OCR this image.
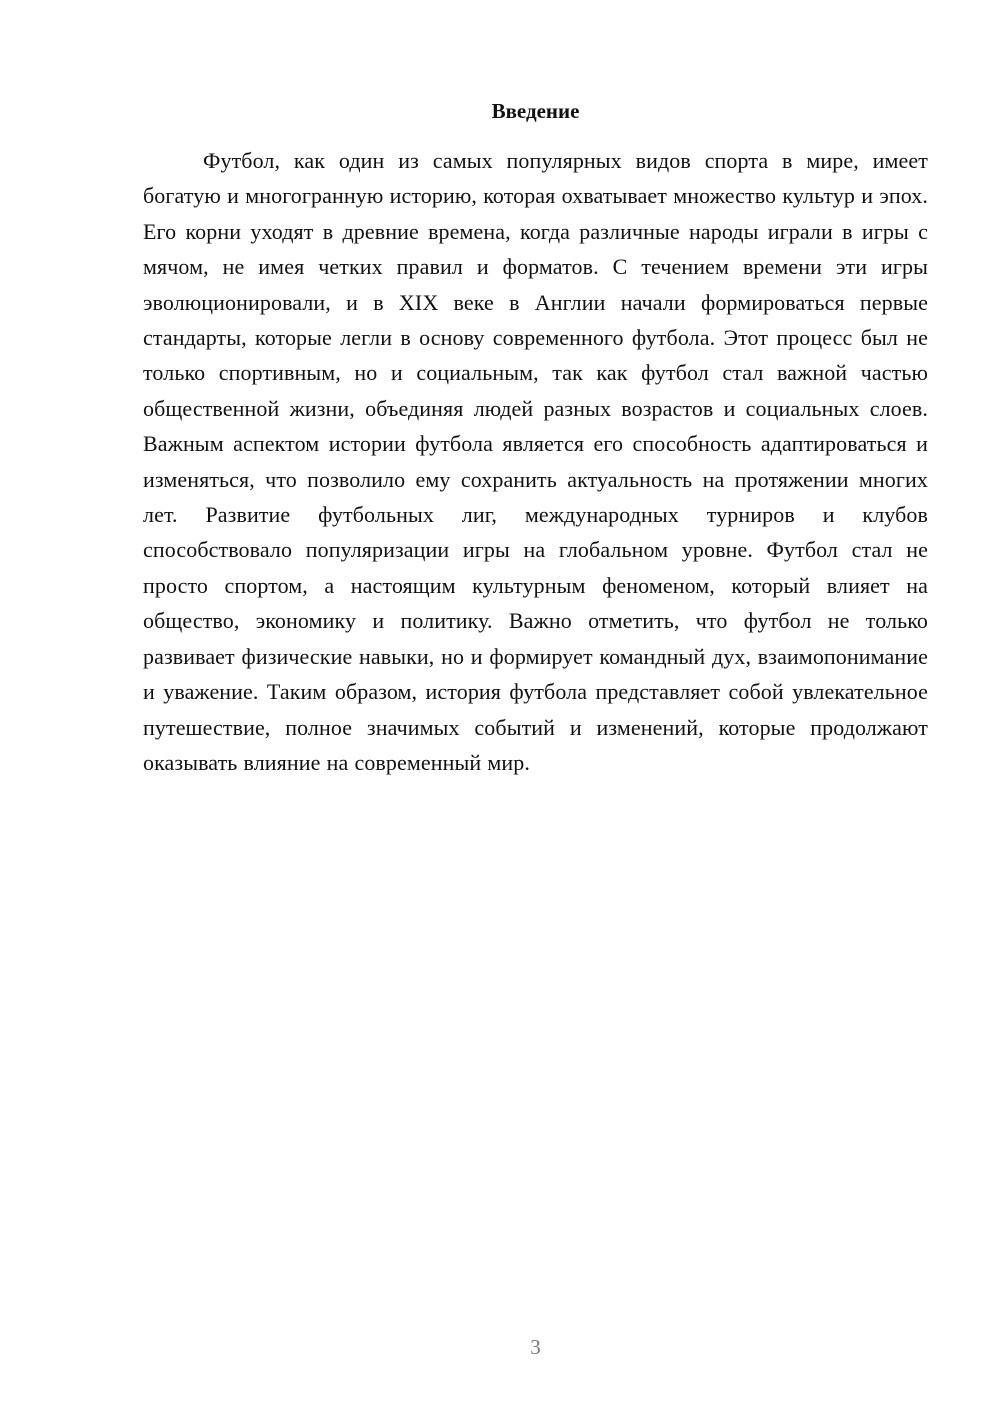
Введение

Футбол, как один из самых популярных видов спорта в мире, имеет богатую и многогранную историю, которая охватывает множество культур и эпох. Его корни уходят в древние времена, когда различные народы играли в игры с мячом, не имея четких правил и форматов. С течением времени эти игры эволюционировали, и в XIX веке в Англии начали формироваться первые стандарты, которые легли в основу современного футбола. Этот процесс был не только спортивным, но и социальным, так как футбол стал важной частью общественной жизни, объединяя людей разных возрастов и социальных слоев. Важным аспектом истории футбола является его способность адаптироваться и изменяться, что позволило ему сохранить актуальность на протяжении многих лет. Развитие футбольных лиг, международных турниров и клубов способствовало популяризации игры на глобальном уровне. Футбол стал не просто спортом, а настоящим культурным феноменом, который влияет на общество, экономику и политику. Важно отметить, что футбол не только развивает физические навыки, но и формирует командный дух, взаимопонимание и уважение. Таким образом, история футбола представляет собой увлекательное путешествие, полное значимых событий и изменений, которые продолжают оказывать влияние на современный мир.

3
